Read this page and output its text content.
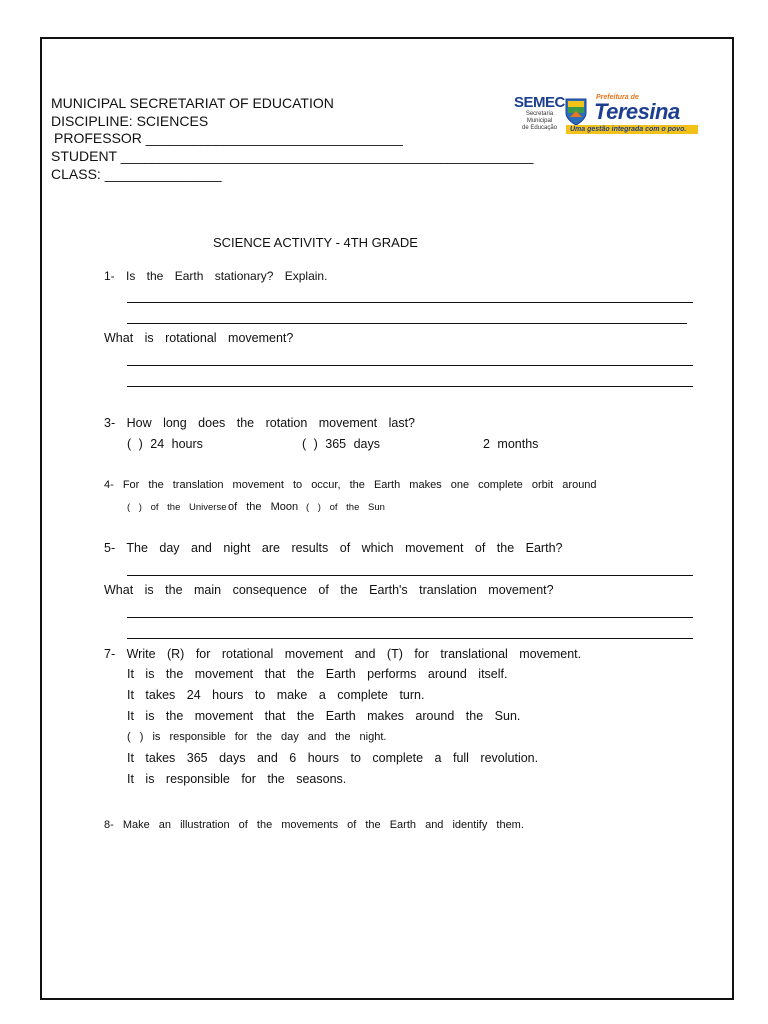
MUNICIPAL SECRETARIAT OF EDUCATION
DISCIPLINE: SCIENCES
PROFESSOR _________________________________
STUDENT _____________________________________________________
CLASS: _______________
SEMEC
Secretaria
Municipal
de Educação
Prefeitura de
Teresina
Uma gestão integrada com o povo.
SCIENCE ACTIVITY - 4TH GRADE
1- Is the Earth stationary? Explain.
What is rotational movement?
3- How long does the rotation movement last?
( ) 24 hours	( ) 365 days	2 months
4- For the translation movement to occur, the Earth makes one complete orbit around
( ) of the Universe of the Moon ( ) of the Sun
5- The day and night are results of which movement of the Earth?
What is the main consequence of the Earth's translation movement?
7- Write (R) for rotational movement and (T) for translational movement.
It is the movement that the Earth performs around itself.
It takes 24 hours to make a complete turn.
It is the movement that the Earth makes around the Sun.
( ) is responsible for the day and the night.
It takes 365 days and 6 hours to complete a full revolution.
It is responsible for the seasons.
8- Make an illustration of the movements of the Earth and identify them.
